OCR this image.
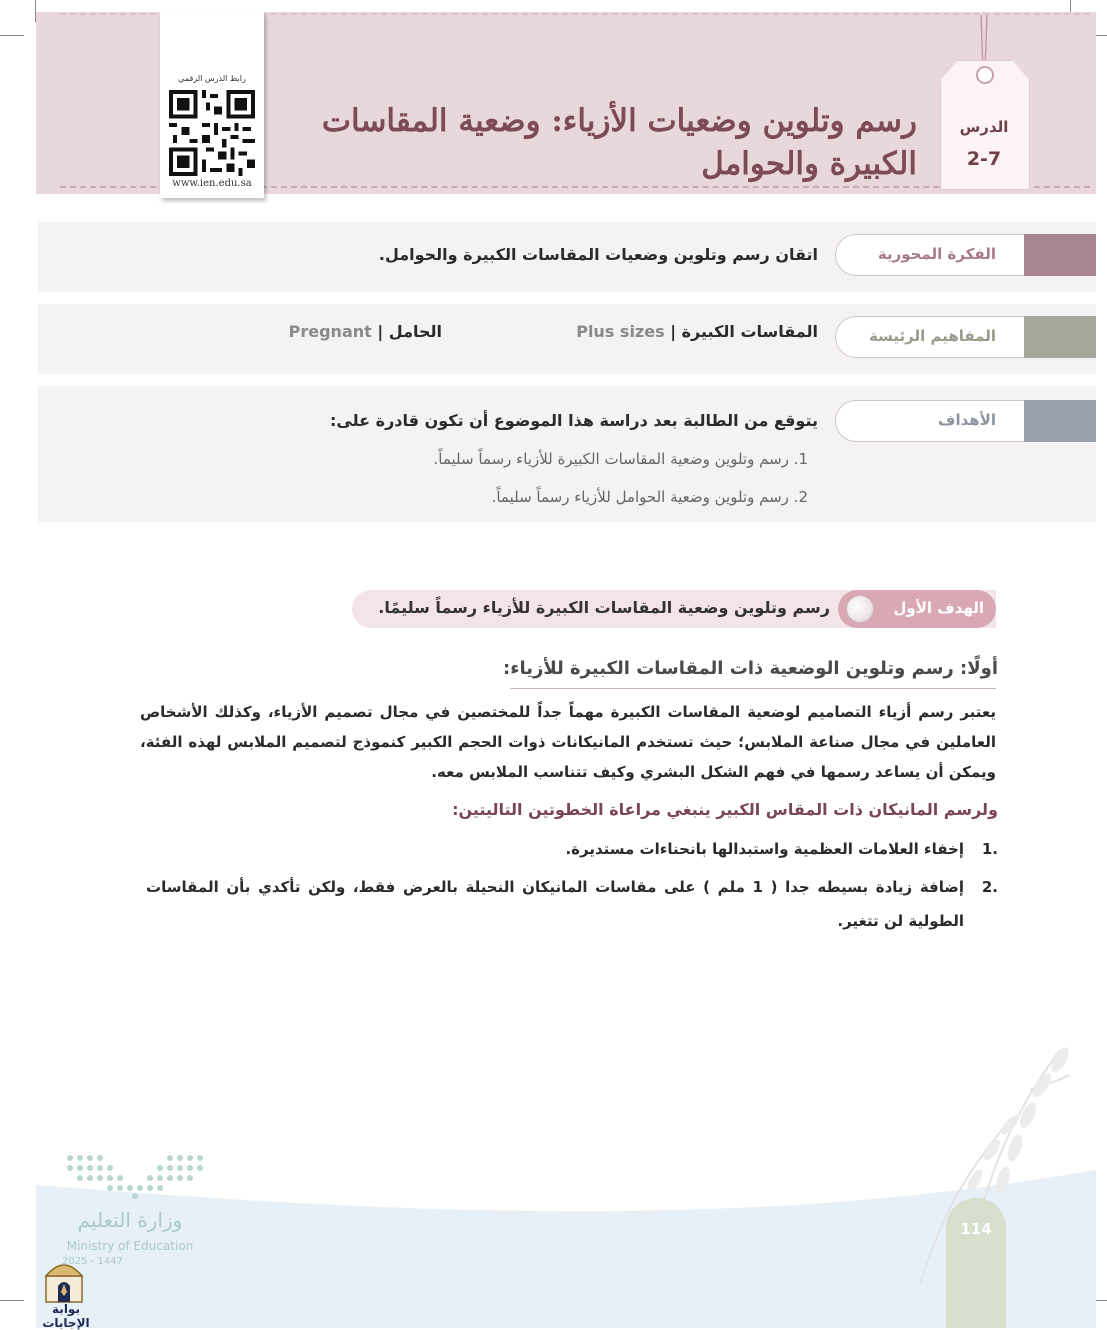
رسم وتلوين وضعيات الأزياء: وضعية المقاسات
الكبيرة والحوامل
الدرس
2-7
رابط الدرس الرقمي
www.ien.edu.sa
الفكرة المحورية
اتقان رسم وتلوين وضعيات المقاسات الكبيرة والحوامل.
المفاهيم الرئيسة
المقاسات الكبيرة | Plus sizes
الحامل | Pregnant
الأهداف
يتوقع من الطالبة بعد دراسة هذا الموضوع أن تكون قادرة على:
1. رسم وتلوين وضعية المقاسات الكبيرة للأزياء رسماً سليماً.
2. رسم وتلوين وضعية الحوامل للأزياء رسماً سليماً.
الهدف الأول
رسم وتلوين وضعية المقاسات الكبيرة للأزياء رسماً سليمًا.
أولًا: رسم وتلوين الوضعية ذات المقاسات الكبيرة للأزياء:
يعتبر رسم أزياء التصاميم لوضعية المقاسات الكبيرة مهماً جداً للمختصين في مجال تصميم الأزياء، وكذلك الأشخاص العاملين في مجال صناعة الملابس؛ حيث تستخدم المانيكانات ذوات الحجم الكبير كنموذج لتصميم الملابس لهذه الفئة، ويمكن أن يساعد رسمها في فهم الشكل البشري وكيف تتناسب الملابس معه.
ولرسم المانيكان ذات المقاس الكبير ينبغي مراعاة الخطوتين التاليتين:
1.
إخفاء العلامات العظمية واستبدالها بانحناءات مستديرة.
2.
إضافة زيادة بسيطه جدا ( 1 ملم ) على مقاسات المانيكان النحيلة بالعرض فقط، ولكن تأكدي بأن المقاسات الطولية لن تتغير.
وزارة التعليم
Ministry of Education
2025 - 1447
114
بوابة الإجابات
